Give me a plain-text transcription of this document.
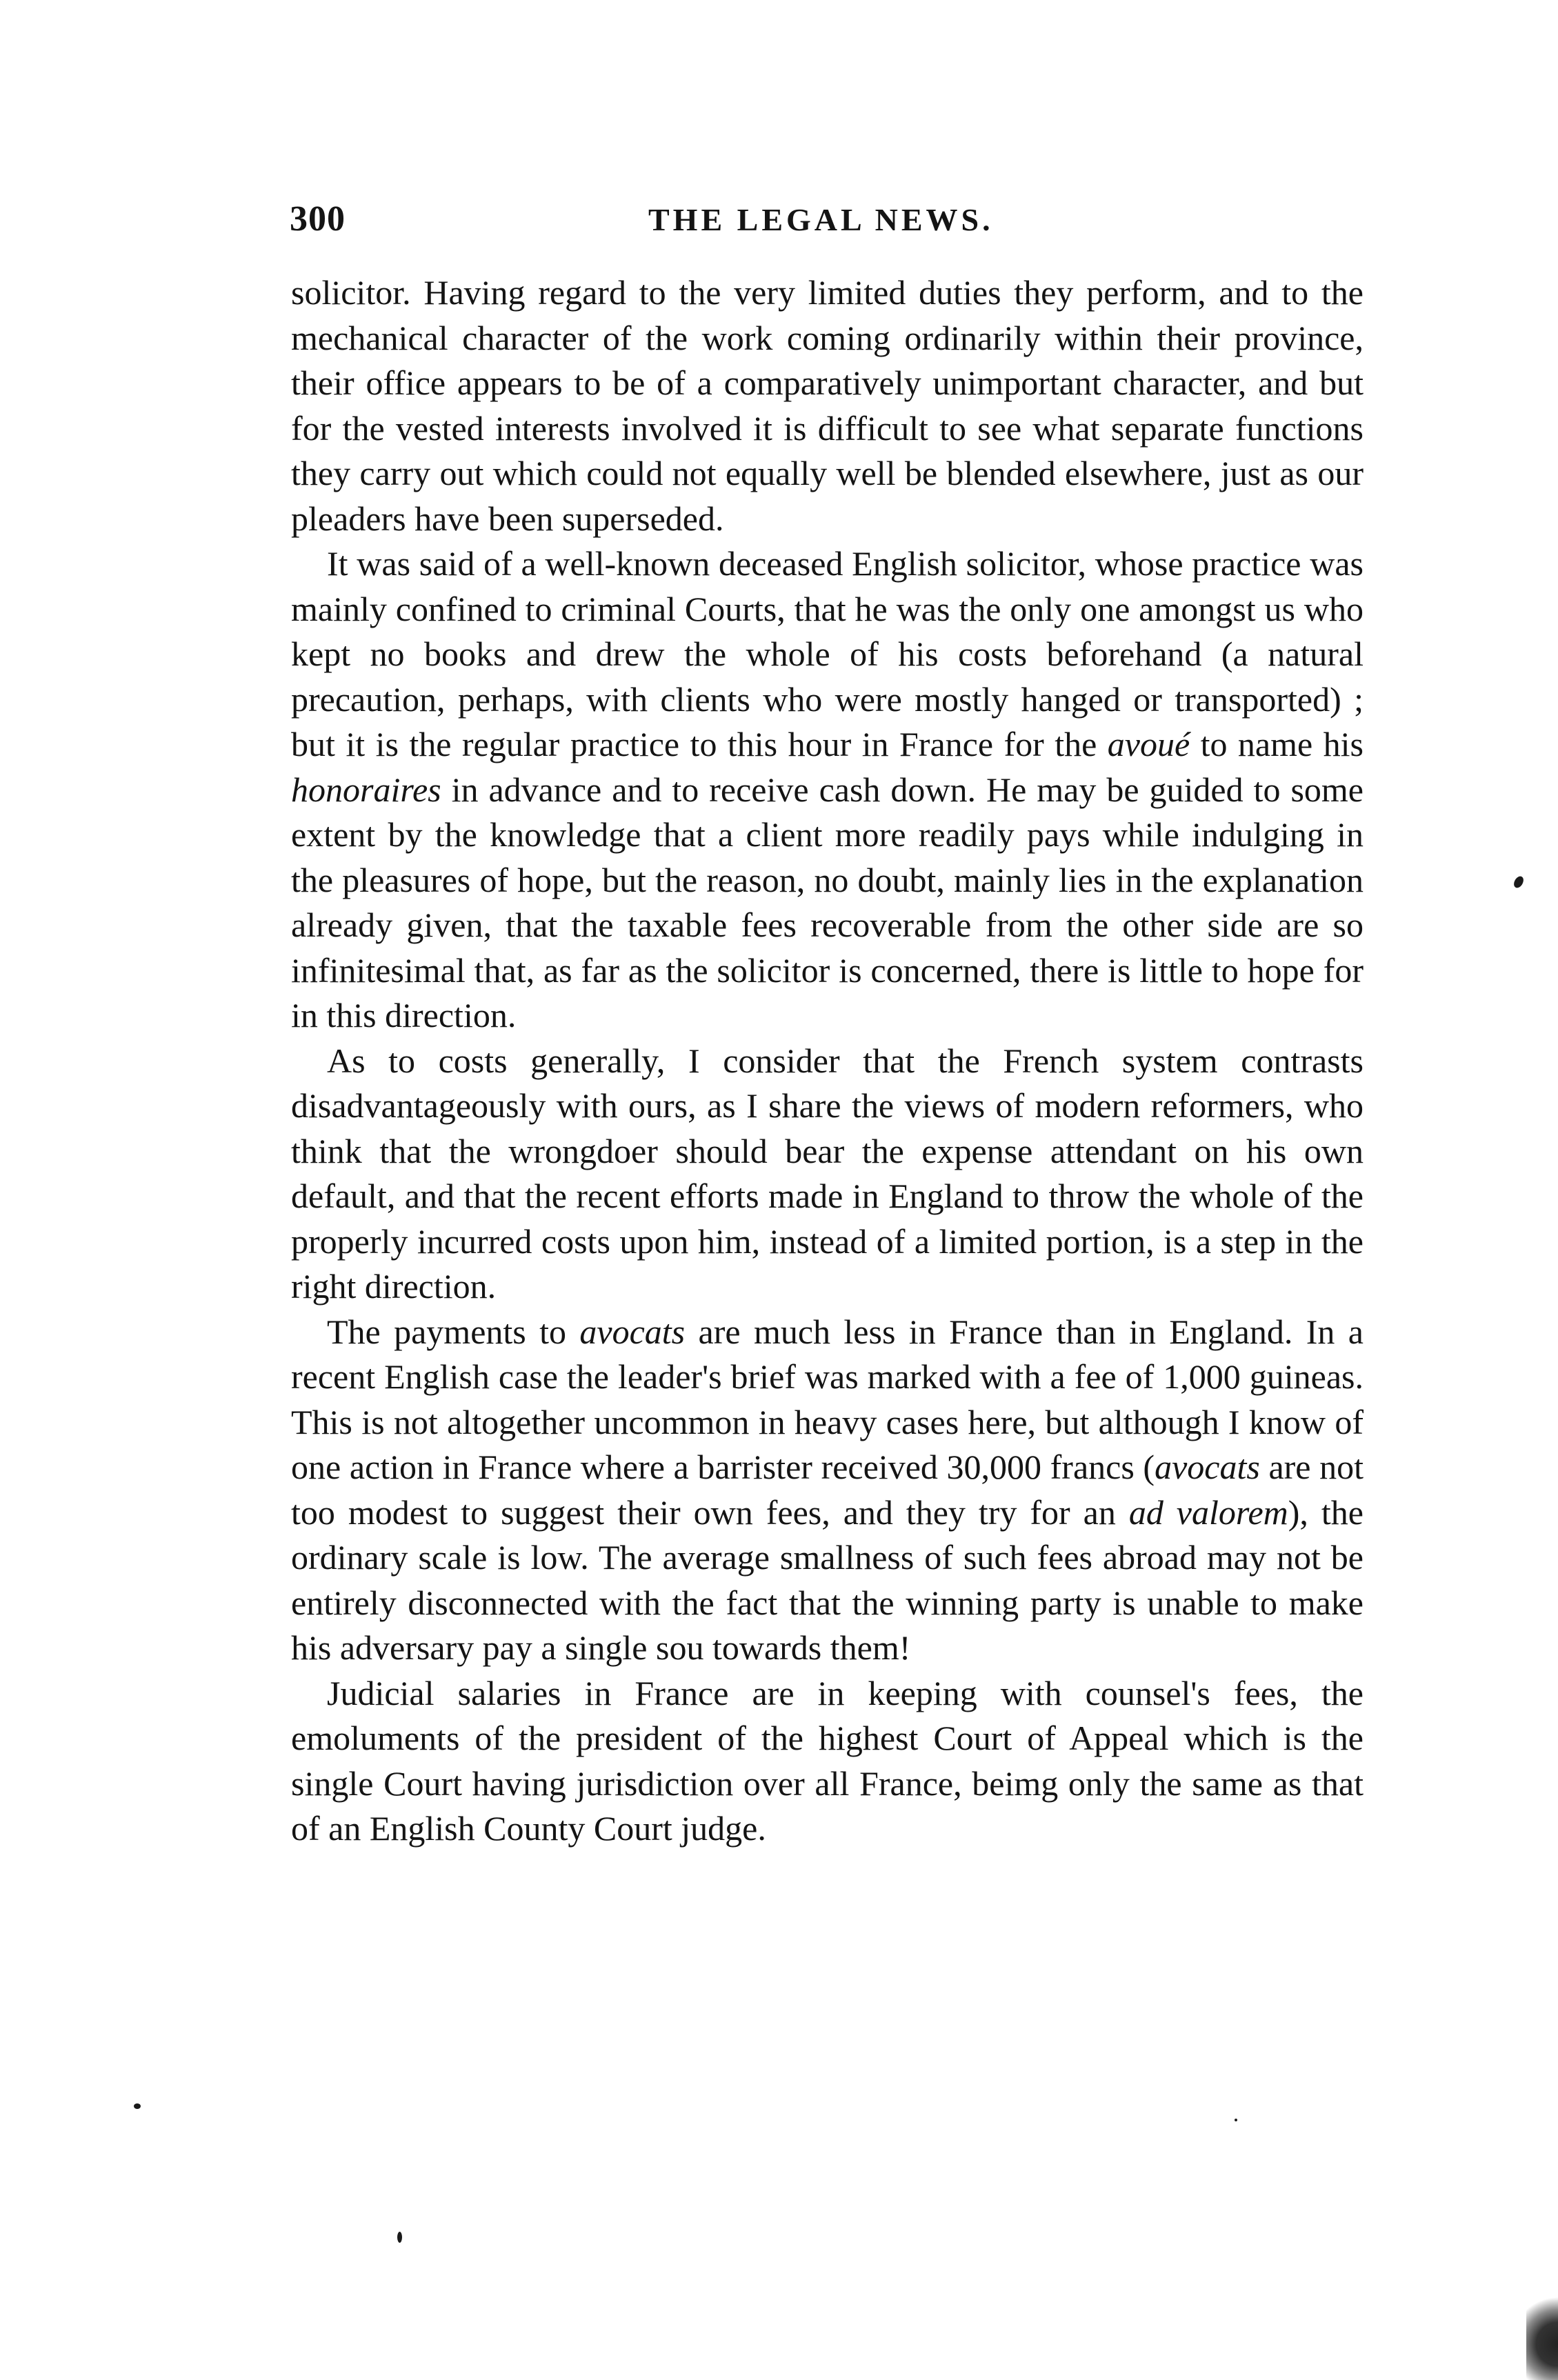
300	THE LEGAL NEWS.

solicitor. Having regard to the very limited duties they perform, and to the mechanical character of the work coming ordinarily within their province, their office appears to be of a comparatively unimportant character, and but for the vested interests involved it is difficult to see what separate functions they carry out which could not equally well be blended elsewhere, just as our pleaders have been superseded.

It was said of a well-known deceased English solicitor, whose practice was mainly confined to criminal Courts, that he was the only one amongst us who kept no books and drew the whole of his costs beforehand (a natural precaution, perhaps, with clients who were mostly hanged or transported) ; but it is the regular practice to this hour in France for the avoué to name his honoraires in advance and to receive cash down. He may be guided to some extent by the knowledge that a client more readily pays while indulging in the pleasures of hope, but the reason, no doubt, mainly lies in the explanation already given, that the taxable fees recoverable from the other side are so infinitesimal that, as far as the solicitor is concerned, there is little to hope for in this direction.

As to costs generally, I consider that the French system contrasts disadvantageously with ours, as I share the views of modern reformers, who think that the wrongdoer should bear the expense attendant on his own default, and that the recent efforts made in England to throw the whole of the properly incurred costs upon him, instead of a limited portion, is a step in the right direction.

The payments to avocats are much less in France than in England. In a recent English case the leader's brief was marked with a fee of 1,000 guineas. This is not altogether uncommon in heavy cases here, but although I know of one action in France where a barrister received 30,000 francs (avocats are not too modest to suggest their own fees, and they try for an ad valorem), the ordinary scale is low. The average smallness of such fees abroad may not be entirely disconnected with the fact that the winning party is unable to make his adversary pay a single sou towards them!

Judicial salaries in France are in keeping with counsel's fees, the emoluments of the president of the highest Court of Appeal which is the single Court having jurisdiction over all France, beimg only the same as that of an English County Court judge.
